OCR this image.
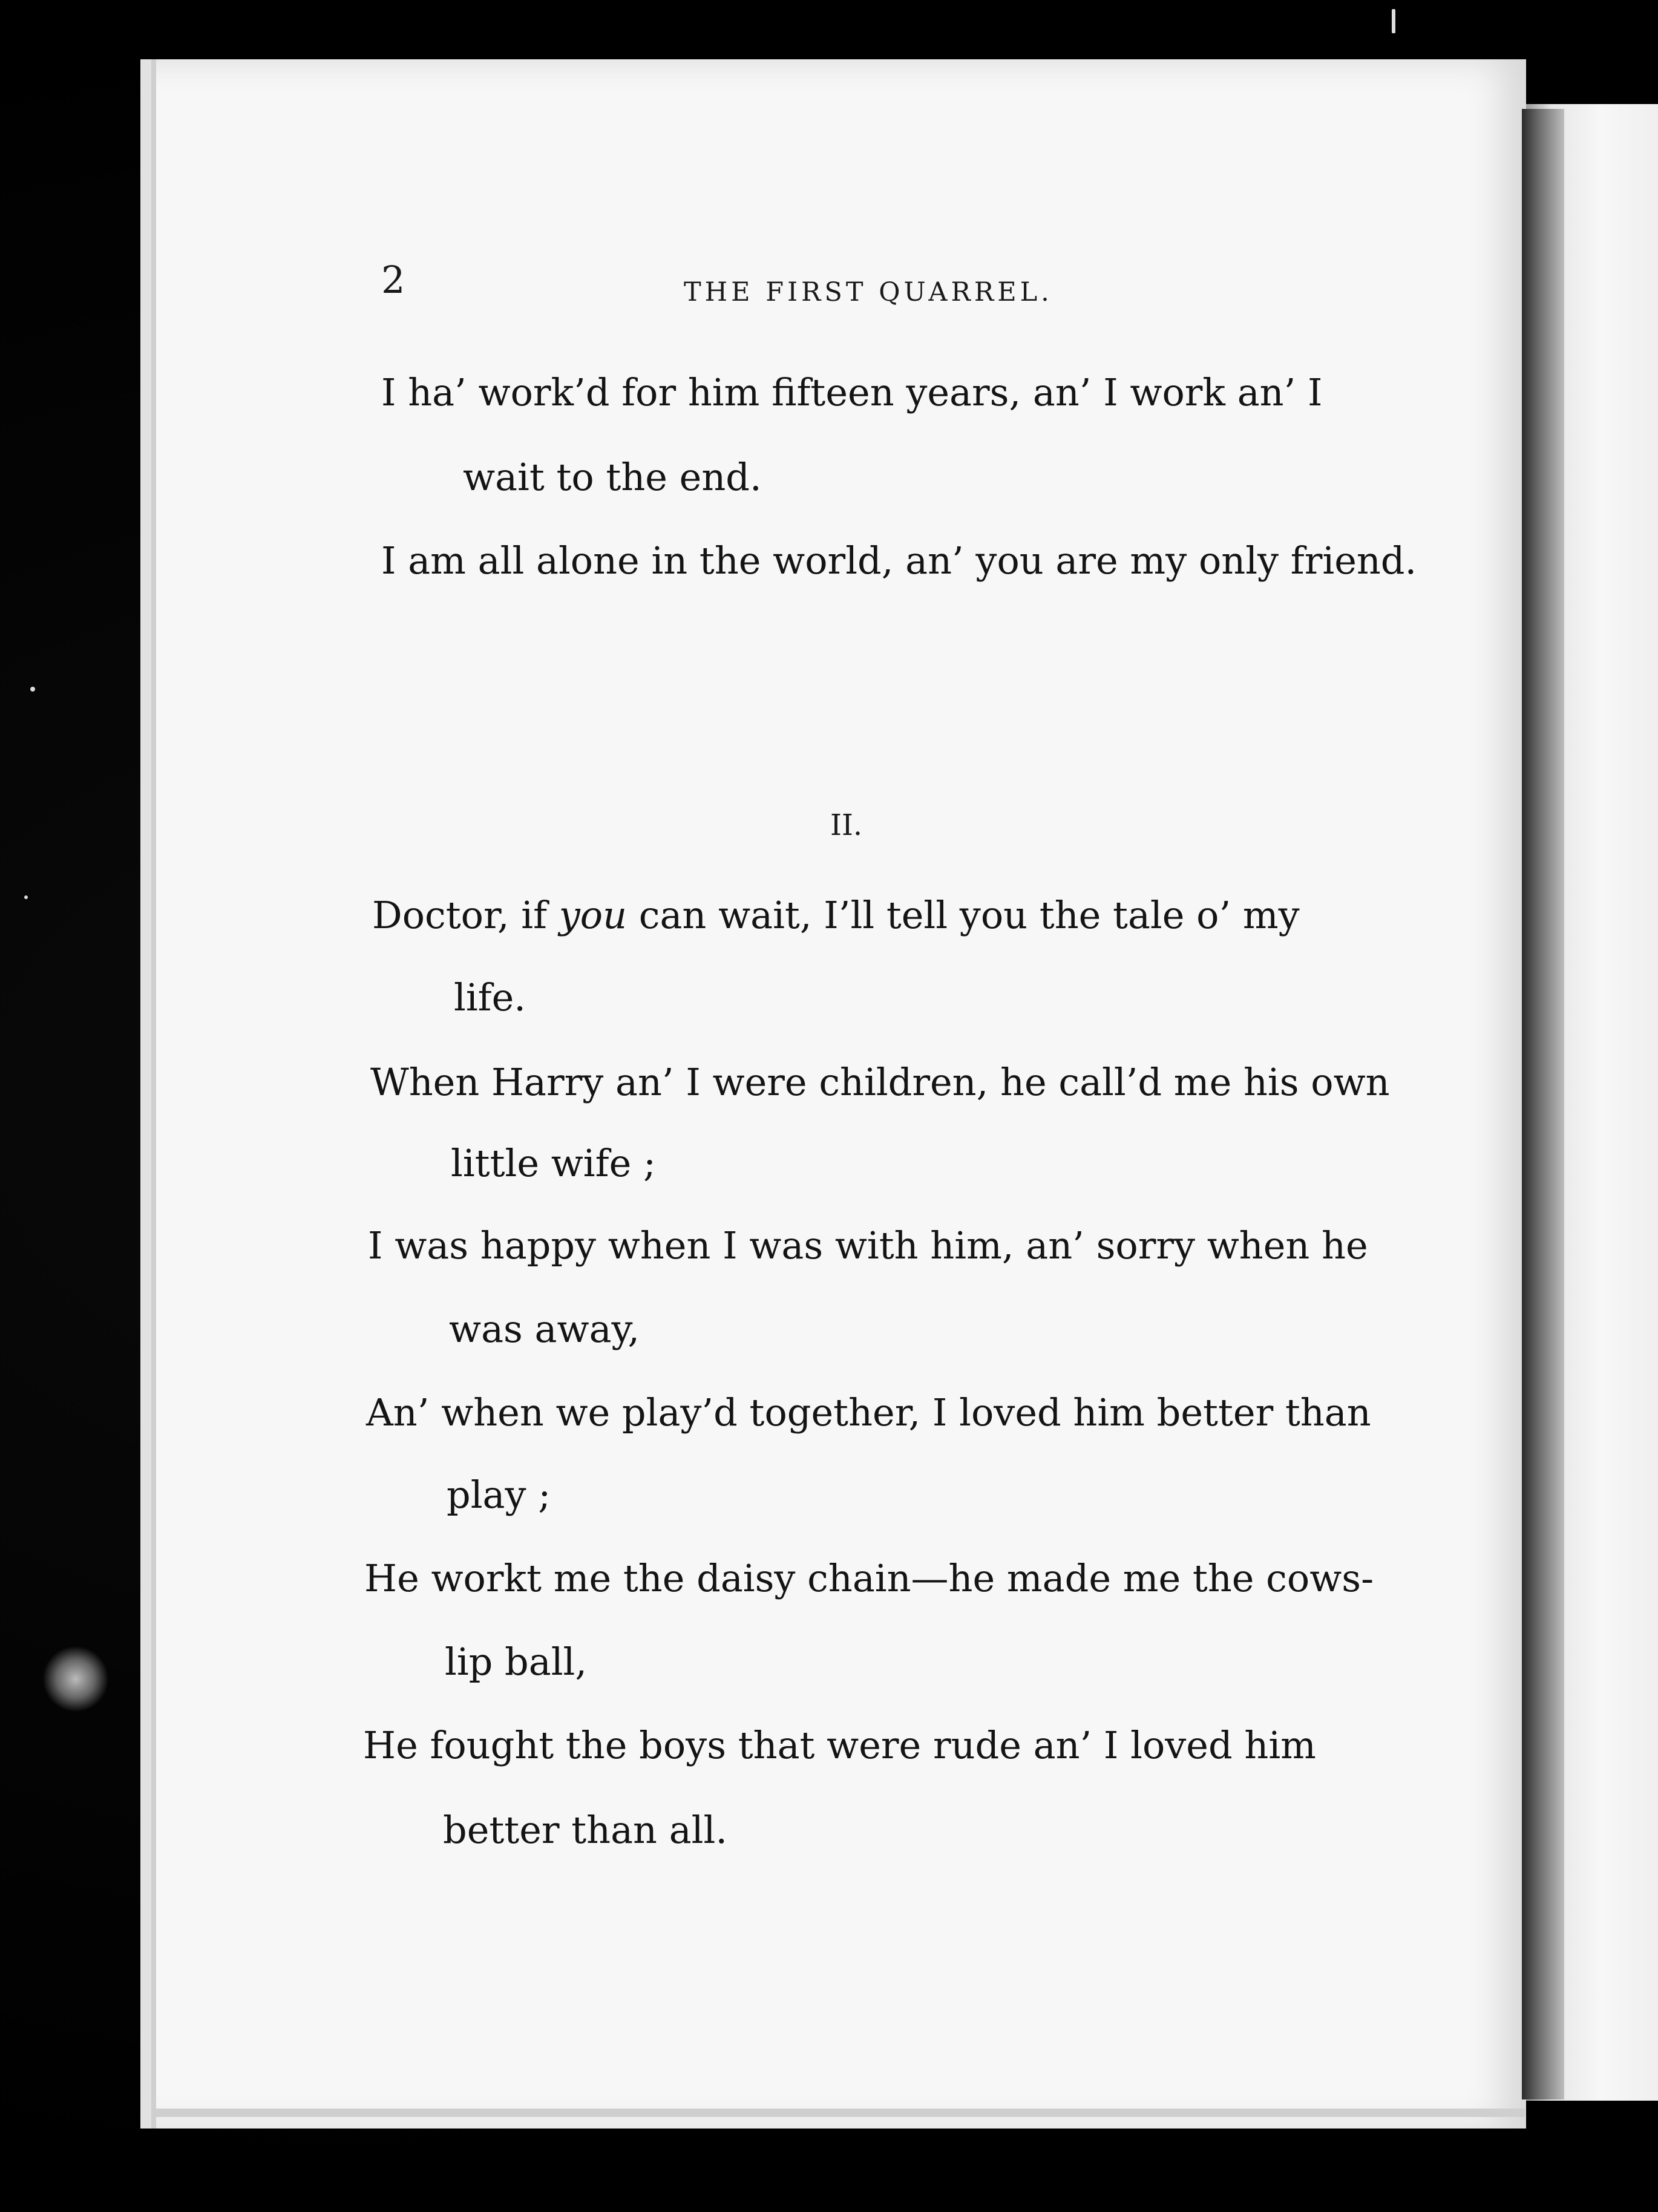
2	THE FIRST QUARREL.
I ha’ work’d for him fifteen years, an’ I work an’ I
wait to the end.
I am all alone in the world, an’ you are my only friend.
II.
Doctor, if you can wait, I’ll tell you the tale o’ my
life.
When Harry an’ I were children, he call’d me his own
little wife ;
I was happy when I was with him, an’ sorry when he
was away,
An’ when we play’d together, I loved him better than
play ;
He workt me the daisy chain—he made me the cows-
lip ball,
He fought the boys that were rude an’ I loved him
better than all.
